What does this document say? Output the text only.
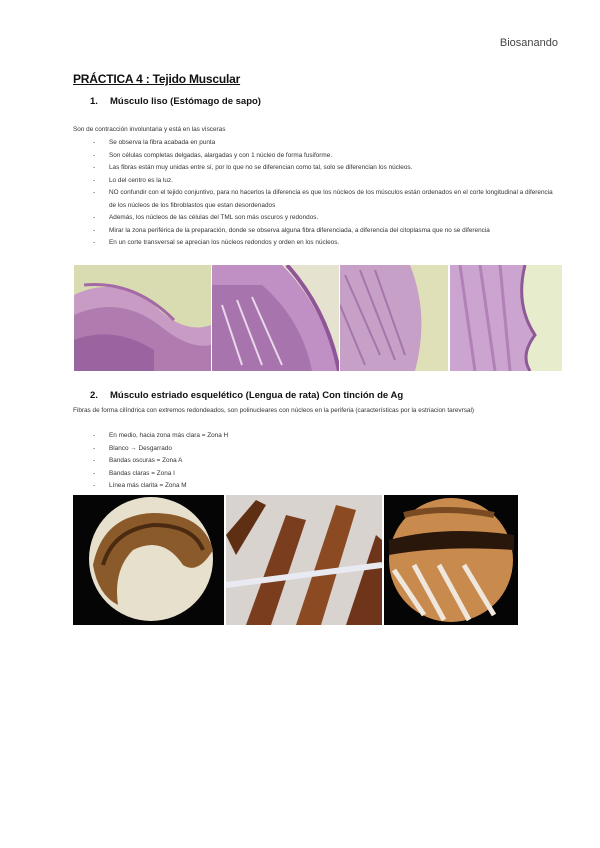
Biosanando
PRÁCTICA 4 : Tejido Muscular
1. Músculo liso (Estómago de sapo)
Son de contracción involuntaria y está en las vísceras
- Se observa la fibra acabada en punta
- Son células completas delgadas, alargadas y con 1 núcleo de forma fusiforme.
- Las fibras están muy unidas entre sí, por lo que no se diferencian como tal, solo se diferencian los núcleos.
- Lo del centro es la luz.
- NO confundir con el tejido conjuntivo, para no hacerlos la diferencia es que los núcleos de los músculos están ordenados en el corte longitudinal a diferencia de los núcleos de los fibroblastos que estan desordenados
- Además, los núcleos de las células del TML son más oscuros y redondos.
- Mirar la zona periférica de la preparación, donde se observa alguna fibra diferenciada, a diferencia del citoplasma que no se diferencia
- En un corte transversal se aprecian los núcleos redondos y orden en los núcleos.
2. Músculo estriado esquelético (Lengua de rata) Con tinción de Ag
Fibras de forma cilíndrica con extremos redondeados, son polinucleares con núcleos en la periferia (características por la estriacion tarevrsal)
- En medio, hacia zona más clara = Zona H
- Blanco → Desgarrado
- Bandas oscuras = Zona A
- Bandas claras = Zona I
- Línea más clarita = Zona M
